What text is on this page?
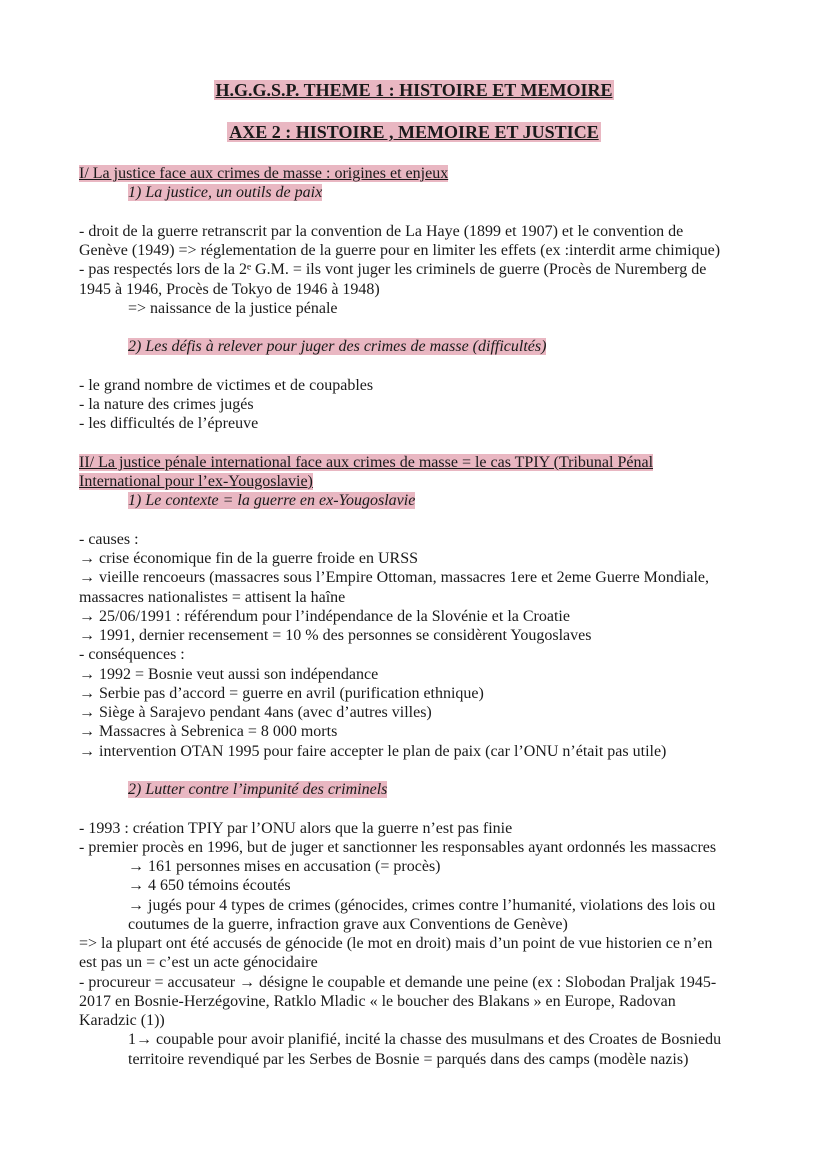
H.G.G.S.P. THEME 1 : HISTOIRE ET MEMOIRE
AXE 2 : HISTOIRE , MEMOIRE ET JUSTICE
I/ La justice face aux crimes de masse : origines et enjeux
1) La justice, un outils de paix
- droit de la guerre retranscrit par la convention de La Haye (1899 et 1907) et le convention de
Genève (1949) => réglementation de la guerre pour en limiter les effets (ex :interdit arme chimique)
- pas respectés lors de la 2ᵉ G.M. = ils vont juger les criminels de guerre (Procès de Nuremberg de
1945 à 1946, Procès de Tokyo de 1946 à 1948)
=> naissance de la justice pénale
2) Les défis à relever pour juger des crimes de masse (difficultés)
- le grand nombre de victimes et de coupables
- la nature des crimes jugés
- les difficultés de l’épreuve
II/ La justice pénale international face aux crimes de masse = le cas TPIY (Tribunal Pénal
International pour l’ex-Yougoslavie)
1) Le contexte = la guerre en ex-Yougoslavie
- causes :
→ crise économique fin de la guerre froide en URSS
→ vieille rencoeurs (massacres sous l’Empire Ottoman, massacres 1ere et 2eme Guerre Mondiale,
massacres nationalistes = attisent la haîne
→ 25/06/1991 : référendum pour l’indépendance de la Slovénie et la Croatie
→ 1991, dernier recensement = 10 % des personnes se considèrent Yougoslaves
- conséquences :
→ 1992 = Bosnie veut aussi son indépendance
→ Serbie pas d’accord = guerre en avril (purification ethnique)
→ Siège à Sarajevo pendant 4ans (avec d’autres villes)
→ Massacres à Sebrenica = 8 000 morts
→ intervention OTAN 1995 pour faire accepter le plan de paix (car l’ONU n’était pas utile)
2) Lutter contre l’impunité des criminels
- 1993 : création TPIY par l’ONU alors que la guerre n’est pas finie
- premier procès en 1996, but de juger et sanctionner les responsables ayant ordonnés les massacres
→ 161 personnes mises en accusation (= procès)
→ 4 650 témoins écoutés
→ jugés pour 4 types de crimes (génocides, crimes contre l’humanité, violations des lois ou
coutumes de la guerre, infraction grave aux Conventions de Genève)
=> la plupart ont été accusés de génocide (le mot en droit) mais d’un point de vue historien ce n’en
est pas un = c’est un acte génocidaire
- procureur = accusateur → désigne le coupable et demande une peine (ex : Slobodan Praljak 1945-
2017 en Bosnie-Herzégovine, Ratklo Mladic « le boucher des Blakans » en Europe, Radovan
Karadzic (1))
1→ coupable pour avoir planifié, incité la chasse des musulmans et des Croates de Bosniedu
territoire revendiqué par les Serbes de Bosnie = parqués dans des camps (modèle nazis)
